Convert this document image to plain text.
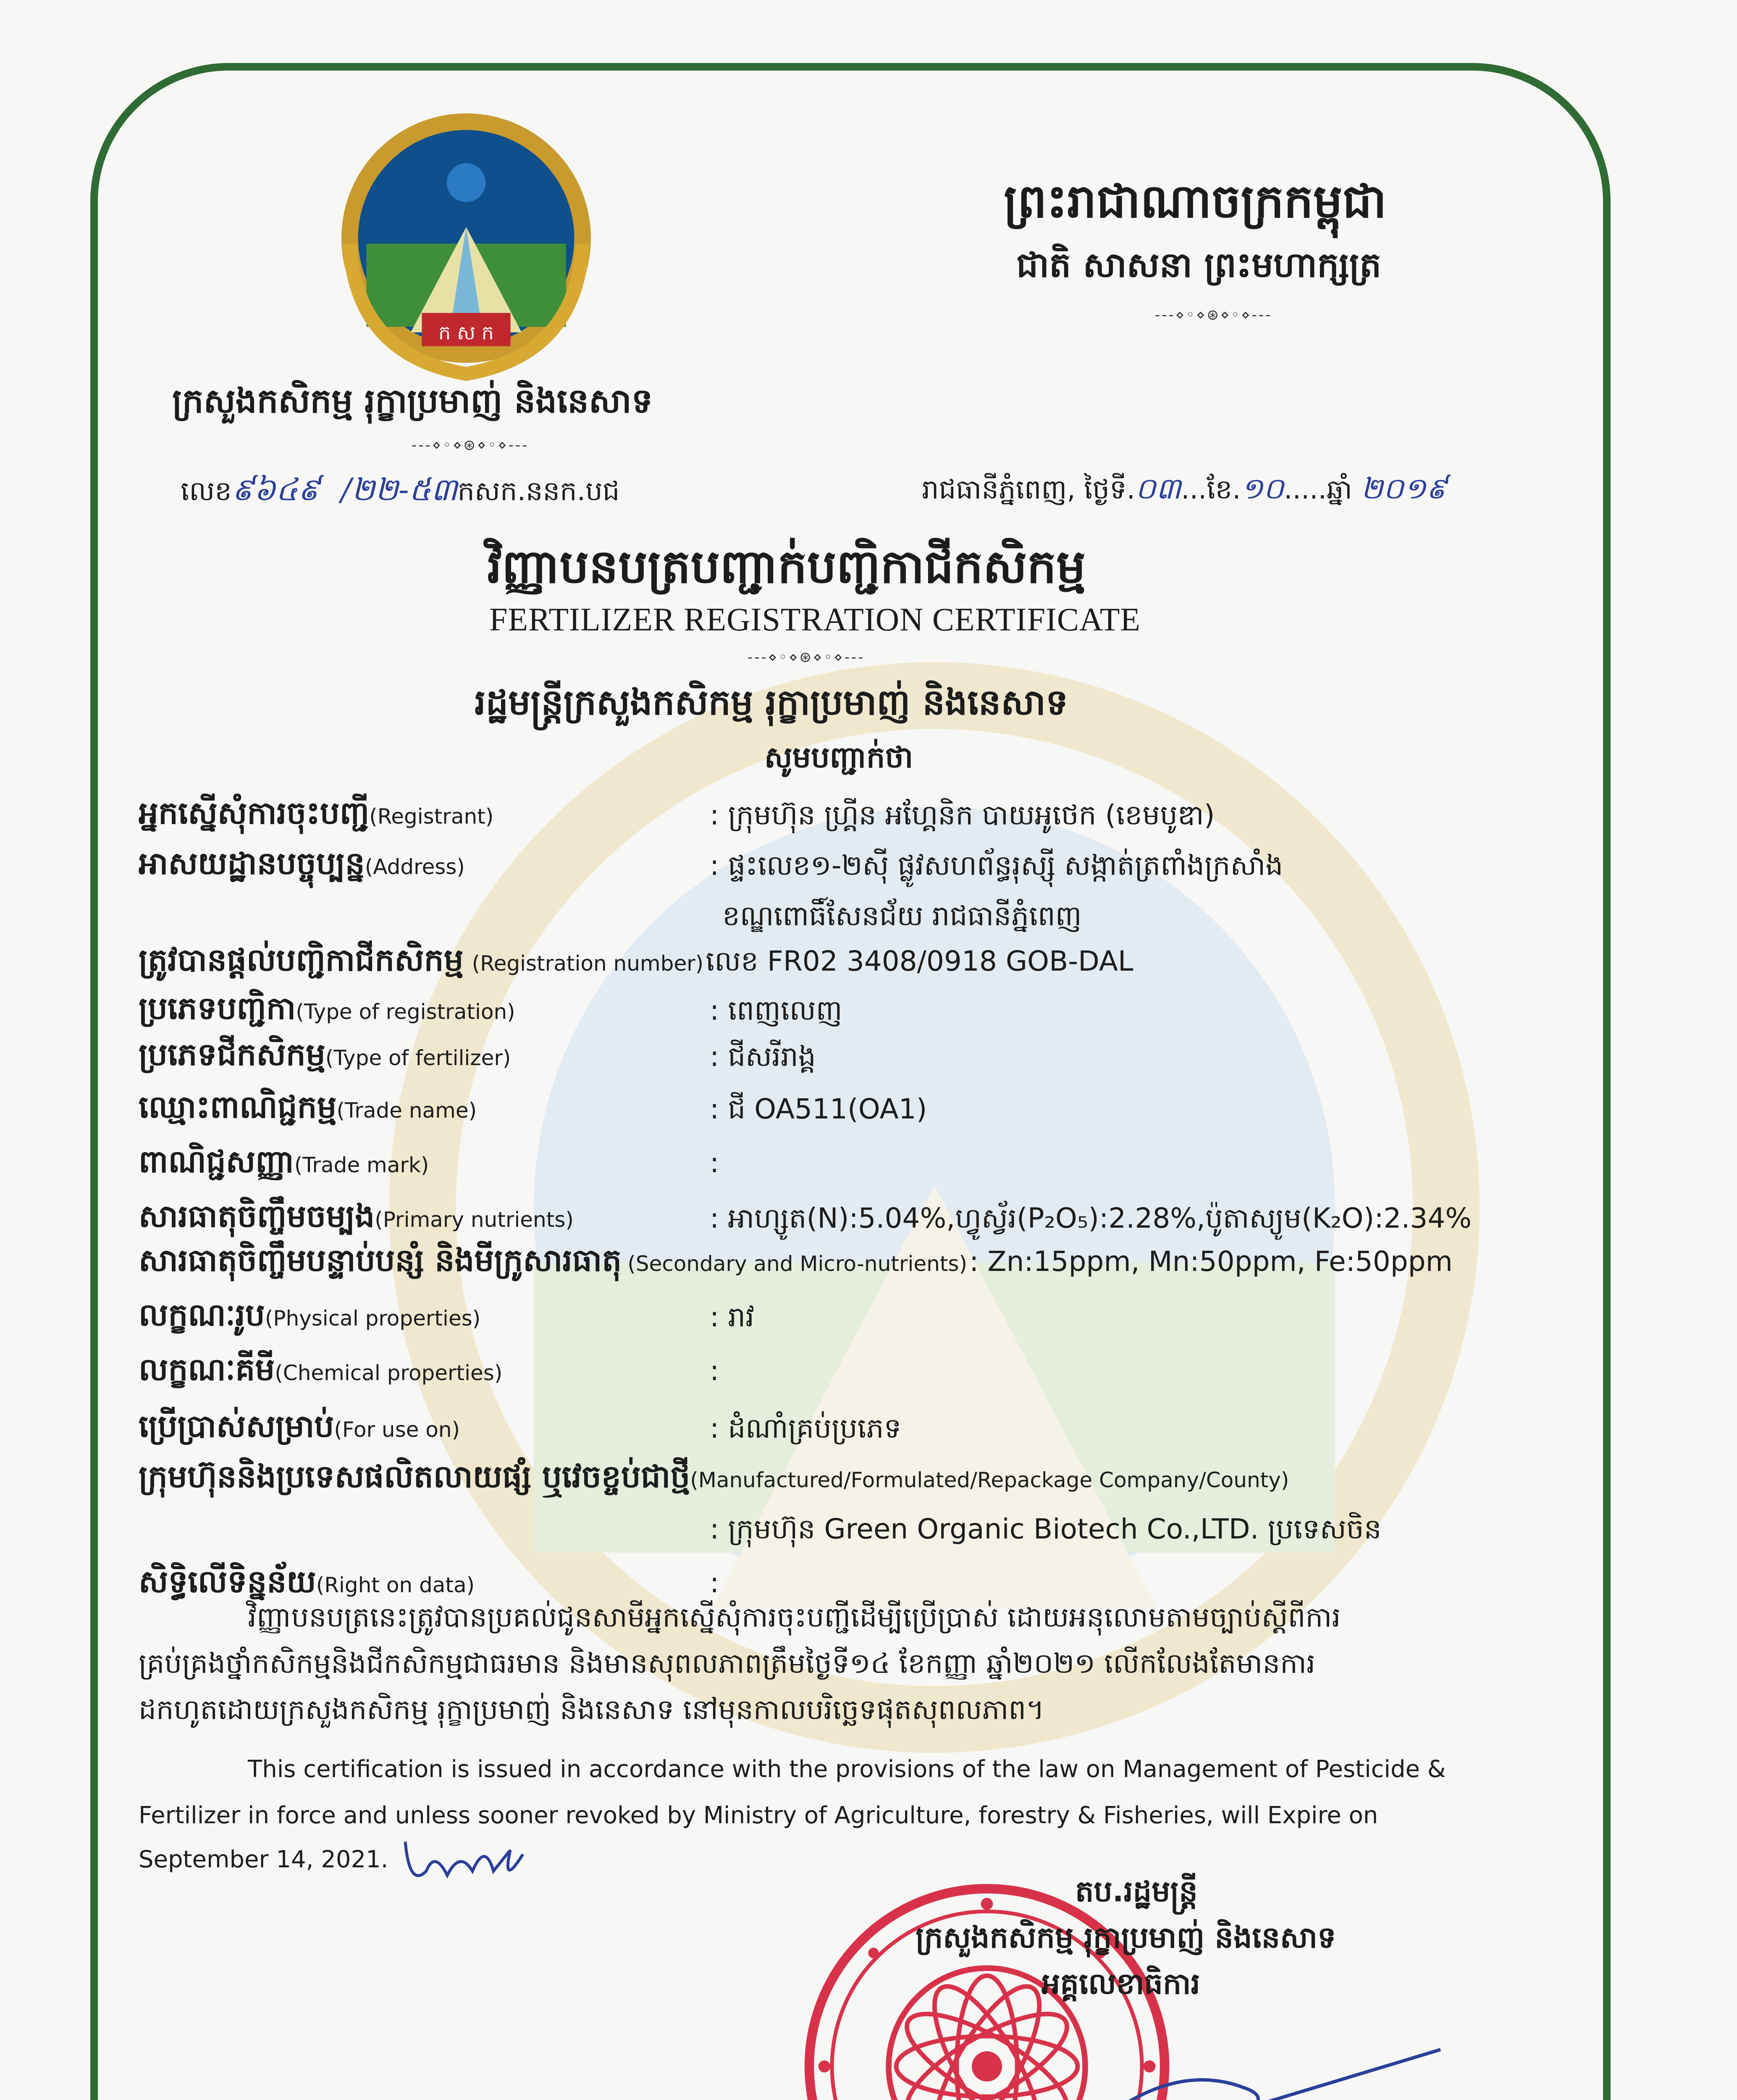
ក ស ក
ក្រសួងកសិកម្ម រុក្ខាប្រមាញ់ និងនេសាទ
---⋄◦⋄⊛⋄◦⋄---
ព្រះរាជាណាចក្រកម្ពុជា
ជាតិ សាសនា ព្រះមហាក្សត្រ
---⋄◦⋄⊛⋄◦⋄---
លេខ៩៦៤៩ /២២-៥៣កសក.ននក.បជ	រាជធានីភ្នំពេញ, ថ្ងៃទី.០៣...ខែ.១០.....ឆ្នាំ ២០១៩
វិញ្ញាបនបត្របញ្ជាក់បញ្ជិកាជីកសិកម្ម
FERTILIZER REGISTRATION CERTIFICATE
---⋄◦⋄⊛⋄◦⋄---
រដ្ឋមន្ត្រីក្រសួងកសិកម្ម រុក្ខាប្រមាញ់ និងនេសាទ
សូមបញ្ជាក់ថា
អ្នកស្នើសុំការចុះបញ្ជី(Registrant)	: ក្រុមហ៊ុន ហ្គ្រីន អហ្គែនិក បាយអូថេក (ខេមបូឌា)
អាសយដ្ឋានបច្ចុប្បន្ន(Address)	: ផ្ទះលេខ១-២ស៊ី ផ្លូវសហព័ន្ធរុស្ស៊ី សង្កាត់ត្រពាំងក្រសាំង
ខណ្ឌពោធិ៍សែនជ័យ រាជធានីភ្នំពេញ
ត្រូវបានផ្ដល់បញ្ជិកាជីកសិកម្ម (Registration number) លេខ FR02 3408/0918 GOB-DAL
ប្រភេទបញ្ជិកា(Type of registration)	: ពេញលេញ
ប្រភេទជីកសិកម្ម(Type of fertilizer)	: ជីសរីរាង្គ
ឈ្មោះពាណិជ្ជកម្ម(Trade name)	: ជី OA511(OA1)
ពាណិជ្ជសញ្ញា(Trade mark)	:
សារធាតុចិញ្ចឹមចម្បង(Primary nutrients)	: អាហ្សូត(N):5.04%,ហ្វូស្វ័រ(P₂O₅):2.28%,ប៉ូតាស្យូម(K₂O):2.34%
សារធាតុចិញ្ចឹមបន្ទាប់បន្សំ និងមីក្រូសារធាតុ (Secondary and Micro-nutrients) : Zn:15ppm, Mn:50ppm, Fe:50ppm
លក្ខណៈរូប(Physical properties)	: រាវ
លក្ខណៈគីមី(Chemical properties)	:
ប្រើប្រាស់សម្រាប់(For use on)	: ដំណាំគ្រប់ប្រភេទ
ក្រុមហ៊ុននិងប្រទេសផលិតលាយផ្សំ ឬវេចខ្ចប់ជាថ្មី(Manufactured/Formulated/Repackage Company/County)
: ក្រុមហ៊ុន Green Organic Biotech Co.,LTD. ប្រទេសចិន
សិទ្ធិលើទិន្នន័យ(Right on data)	:
វិញ្ញាបនបត្រនេះត្រូវបានប្រគល់ជូនសាមីអ្នកស្នើសុំការចុះបញ្ជីដើម្បីប្រើប្រាស់ ដោយអនុលោមតាមច្បាប់ស្ដីពីការ
គ្រប់គ្រងថ្នាំកសិកម្មនិងជីកសិកម្មជាធរមាន និងមានសុពលភាពត្រឹមថ្ងៃទី១៤ ខែកញ្ញា ឆ្នាំ២០២១ លើកលែងតែមានការ
ដកហូតដោយក្រសួងកសិកម្ម រុក្ខាប្រមាញ់ និងនេសាទ នៅមុនកាលបរិច្ឆេទផុតសុពលភាព។
This certification is issued in accordance with the provisions of the law on Management of Pesticide &
Fertilizer in force and unless sooner revoked by Ministry of Agriculture, forestry & Fisheries, will Expire on
September 14, 2021.
តប.រដ្ឋមន្ត្រី
ក្រសួងកសិកម្ម រុក្ខាប្រមាញ់ និងនេសាទ
អគ្គលេខាធិការ
